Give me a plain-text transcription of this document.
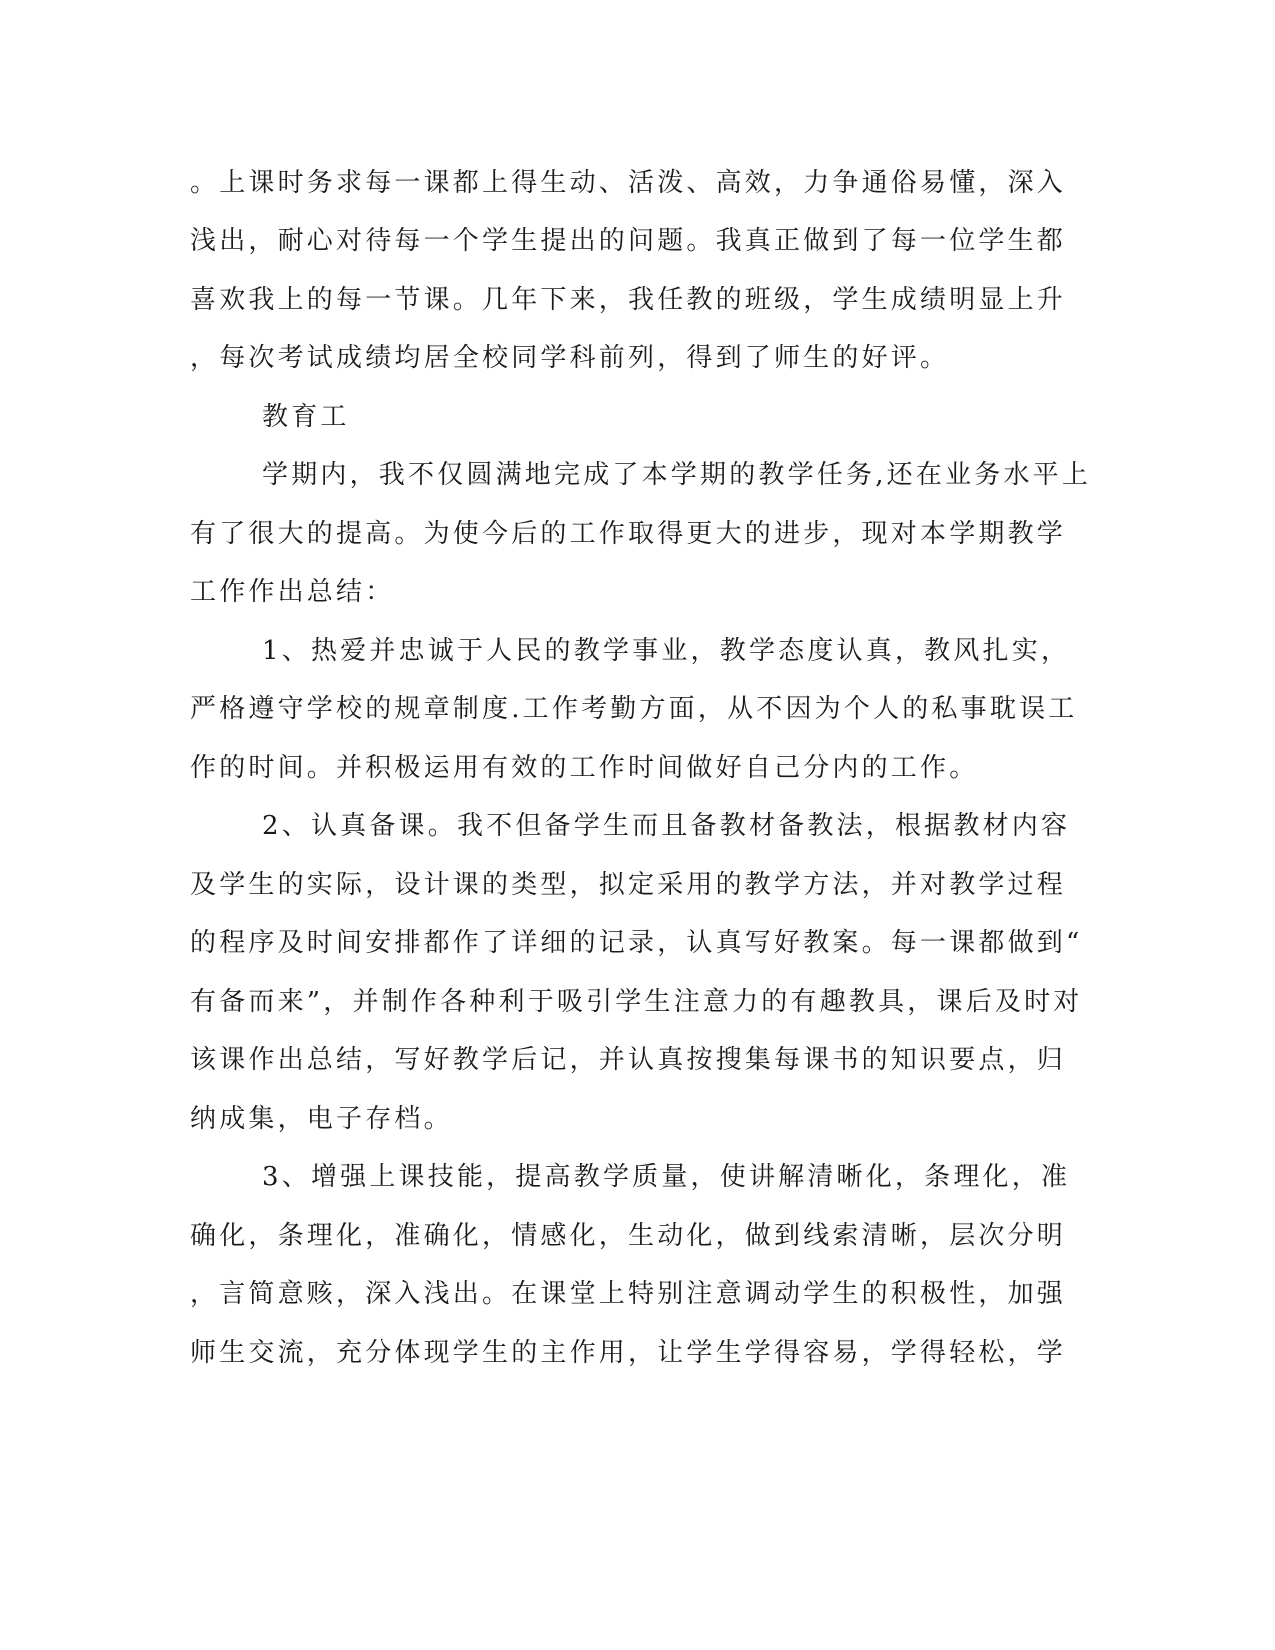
。上课时务求每一课都上得生动、活泼、高效，力争通俗易懂，深入
浅出，耐心对待每一个学生提出的问题。我真正做到了每一位学生都
喜欢我上的每一节课。几年下来，我任教的班级，学生成绩明显上升
，每次考试成绩均居全校同学科前列，得到了师生的好评。
教育工
学期内，我不仅圆满地完成了本学期的教学任务,还在业务水平上
有了很大的提高。为使今后的工作取得更大的进步，现对本学期教学
工作作出总结：
1、热爱并忠诚于人民的教学事业，教学态度认真，教风扎实，
严格遵守学校的规章制度.工作考勤方面，从不因为个人的私事耽误工
作的时间。并积极运用有效的工作时间做好自己分内的工作。
2、认真备课。我不但备学生而且备教材备教法，根据教材内容
及学生的实际，设计课的类型，拟定采用的教学方法，并对教学过程
的程序及时间安排都作了详细的记录，认真写好教案。每一课都做到“
有备而来”，并制作各种利于吸引学生注意力的有趣教具，课后及时对
该课作出总结，写好教学后记，并认真按搜集每课书的知识要点，归
纳成集，电子存档。
3、增强上课技能，提高教学质量，使讲解清晰化，条理化，准
确化，条理化，准确化，情感化，生动化，做到线索清晰，层次分明
，言简意赅，深入浅出。在课堂上特别注意调动学生的积极性，加强
师生交流，充分体现学生的主作用，让学生学得容易，学得轻松，学
